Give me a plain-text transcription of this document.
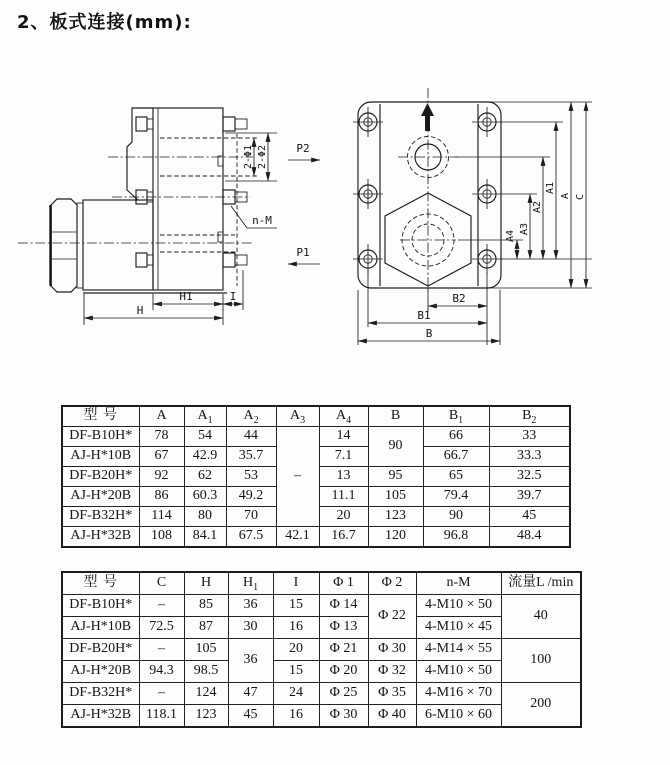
2、板式连接(mm):
2-Φ1 2-Φ2	P2
P1
n-M
H1	I
H
A4
A3
A2
A1
A C
B2
B1
B
型 号	A	$A_1$	$A_2$	$A_3$	$A_4$	B	$B_1$	$B_2$
DF-B10H*	78	54	44	–	14	90	66	33
AJ-H*10B	67	42.9	35.7		7.1		66.7	33.3
DF-B20H*	92	62	53		13	95	65	32.5
AJ-H*20B	86	60.3	49.2		11.1	105	79.4	39.7
DF-B32H*	114	80	70		20	123	90	45
AJ-H*32B	108	84.1	67.5	42.1	16.7	120	96.8	48.4
型 号	C	H	$H_1$	I	Φ 1	Φ 2	n-M	流量L /min
DF-B10H*	–	85	36	15	Φ 14	Φ 22	4-M10 × 50	40
AJ-H*10B	72.5	87	30	16	Φ 13		4-M10 × 45	
DF-B20H*	–	105	36	20	Φ 21	Φ 30	4-M14 × 55	100
AJ-H*20B	94.3	98.5		15	Φ 20	Φ 32	4-M10 × 50	
DF-B32H*	–	124	47	24	Φ 25	Φ 35	4-M16 × 70	200
AJ-H*32B	118.1	123	45	16	Φ 30	Φ 40	6-M10 × 60	
